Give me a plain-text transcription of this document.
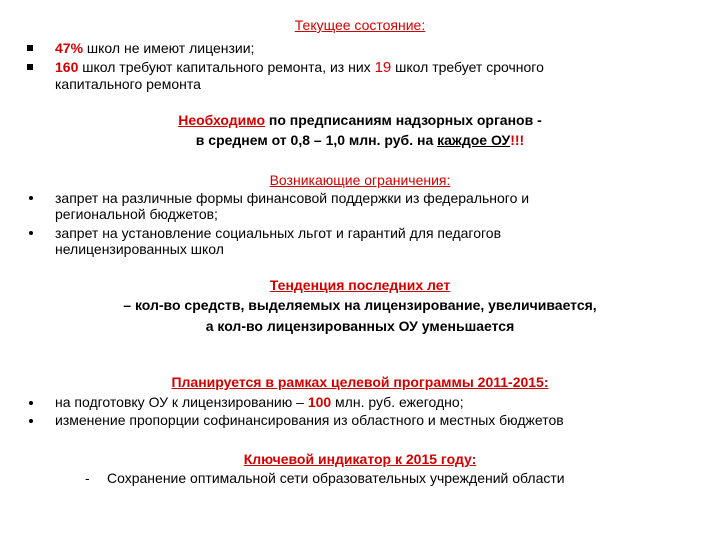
Текущее состояние:
47% школ не имеют лицензии;
160 школ требуют капитального ремонта, из них 19 школ требует срочного
капитального ремонта
Необходимо по предписаниям надзорных органов -
в среднем от 0,8 – 1,0 млн. руб. на каждое ОУ!!!
Возникающие ограничения:
запрет на различные формы финансовой поддержки из федерального и
региональной бюджетов;
запрет на установление социальных льгот и гарантий для педагогов
нелицензированных школ
Тенденция последних лет
– кол-во средств, выделяемых на лицензирование, увеличивается,
а кол-во лицензированных ОУ уменьшается
Планируется в рамках целевой программы 2011-2015:
на подготовку ОУ к лицензированию – 100 млн. руб. ежегодно;
изменение пропорции софинансирования из областного и местных бюджетов
Ключевой индикатор к 2015 году:
- Сохранение оптимальной сети образовательных учреждений области
